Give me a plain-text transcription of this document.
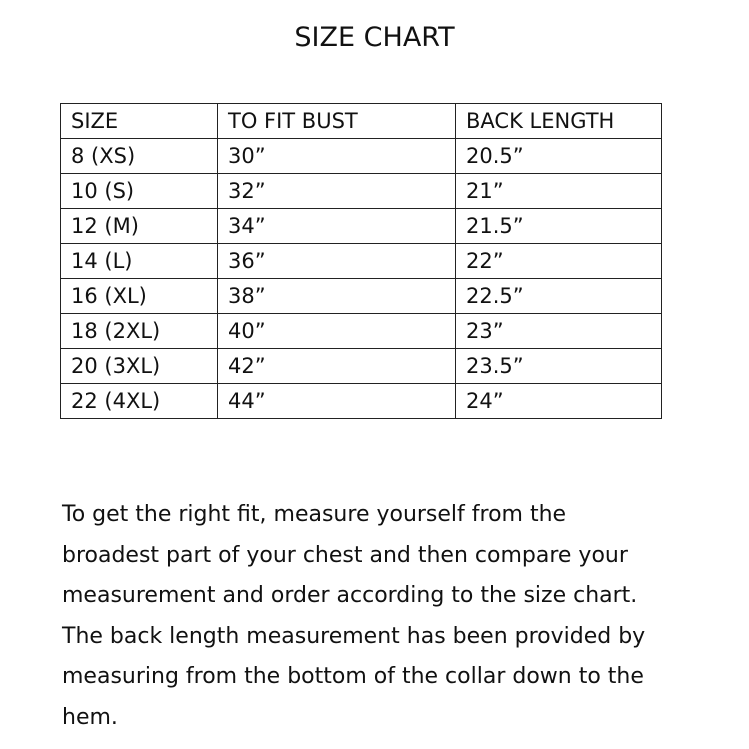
SIZE CHART
SIZE	TO FIT BUST	BACK LENGTH
8 (XS)	30”	20.5”
10 (S)	32”	21”
12 (M)	34”	21.5”
14 (L)	36”	22”
16 (XL)	38”	22.5”
18 (2XL)	40”	23”
20 (3XL)	42”	23.5”
22 (4XL)	44”	24”

To get the right fit, measure yourself from the

broadest part of your chest and then compare your

measurement and order according to the size chart.

The back length measurement has been provided by

measuring from the bottom of the collar down to the

hem.
